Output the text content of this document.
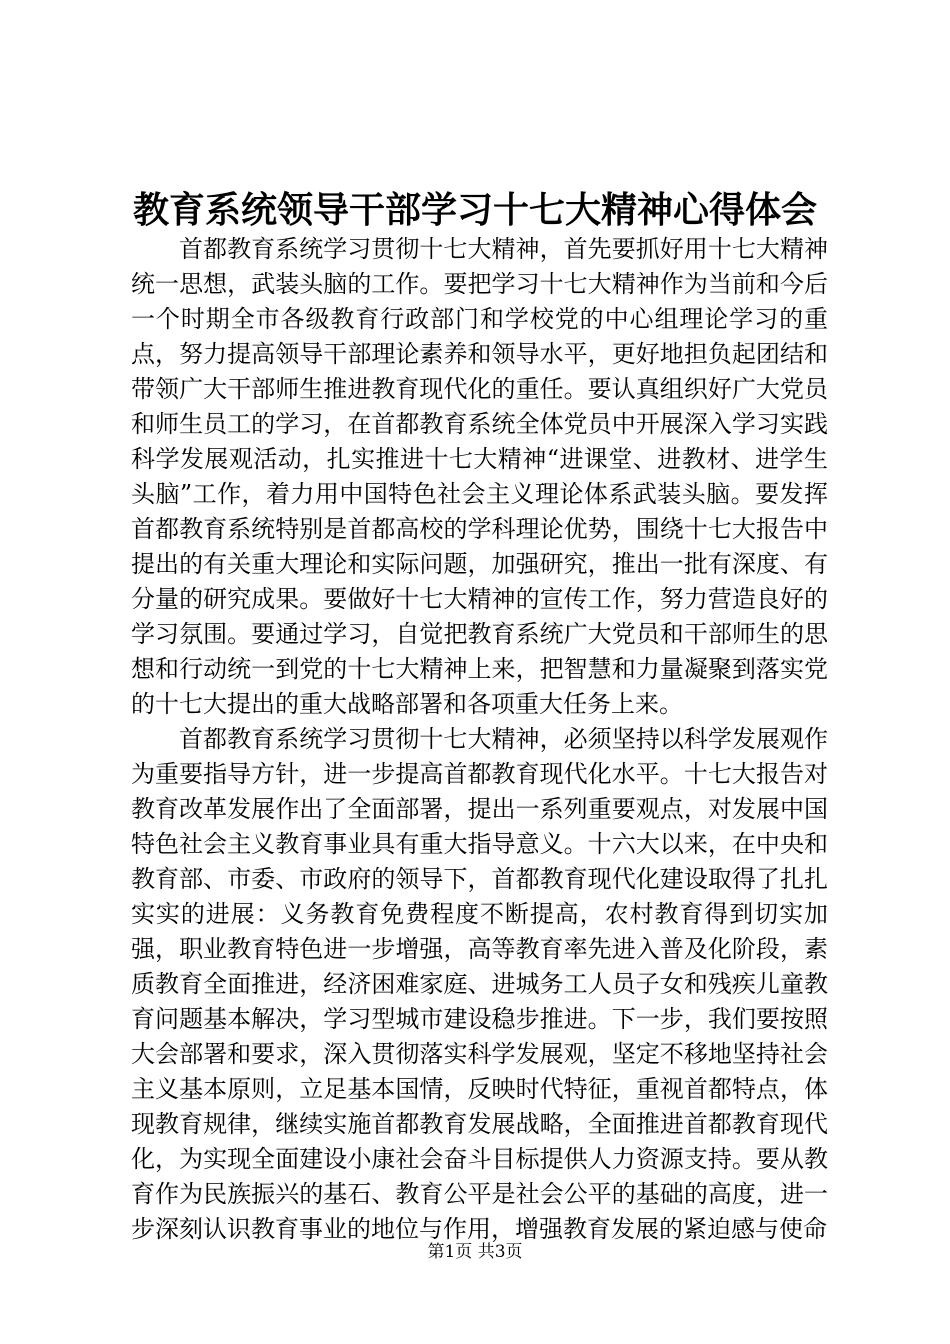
教育系统领导干部学习十七大精神心得体会

首都教育系统学习贯彻十七大精神，首先要抓好用十七大精神统一思想，武装头脑的工作。要把学习十七大精神作为当前和今后一个时期全市各级教育行政部门和学校党的中心组理论学习的重点，努力提高领导干部理论素养和领导水平，更好地担负起团结和带领广大干部师生推进教育现代化的重任。要认真组织好广大党员和师生员工的学习，在首都教育系统全体党员中开展深入学习实践科学发展观活动，扎实推进十七大精神“进课堂、进教材、进学生头脑”工作，着力用中国特色社会主义理论体系武装头脑。要发挥首都教育系统特别是首都高校的学科理论优势，围绕十七大报告中提出的有关重大理论和实际问题，加强研究，推出一批有深度、有分量的研究成果。要做好十七大精神的宣传工作，努力营造良好的学习氛围。要通过学习，自觉把教育系统广大党员和干部师生的思想和行动统一到党的十七大精神上来，把智慧和力量凝聚到落实党的十七大提出的重大战略部署和各项重大任务上来。

首都教育系统学习贯彻十七大精神，必须坚持以科学发展观作为重要指导方针，进一步提高首都教育现代化水平。十七大报告对教育改革发展作出了全面部署，提出一系列重要观点，对发展中国特色社会主义教育事业具有重大指导意义。十六大以来，在中央和教育部、市委、市政府的领导下，首都教育现代化建设取得了扎扎实实的进展：义务教育免费程度不断提高，农村教育得到切实加强，职业教育特色进一步增强，高等教育率先进入普及化阶段，素质教育全面推进，经济困难家庭、进城务工人员子女和残疾儿童教育问题基本解决，学习型城市建设稳步推进。下一步，我们要按照大会部署和要求，深入贯彻落实科学发展观，坚定不移地坚持社会主义基本原则，立足基本国情，反映时代特征，重视首都特点，体现教育规律，继续实施首都教育发展战略，全面推进首都教育现代化，为实现全面建设小康社会奋斗目标提供人力资源支持。要从教育作为民族振兴的基石、教育公平是社会公平的基础的高度，进一步深刻认识教育事业的地位与作用，增强教育发展的紧迫感与使命

第1页 共3页
